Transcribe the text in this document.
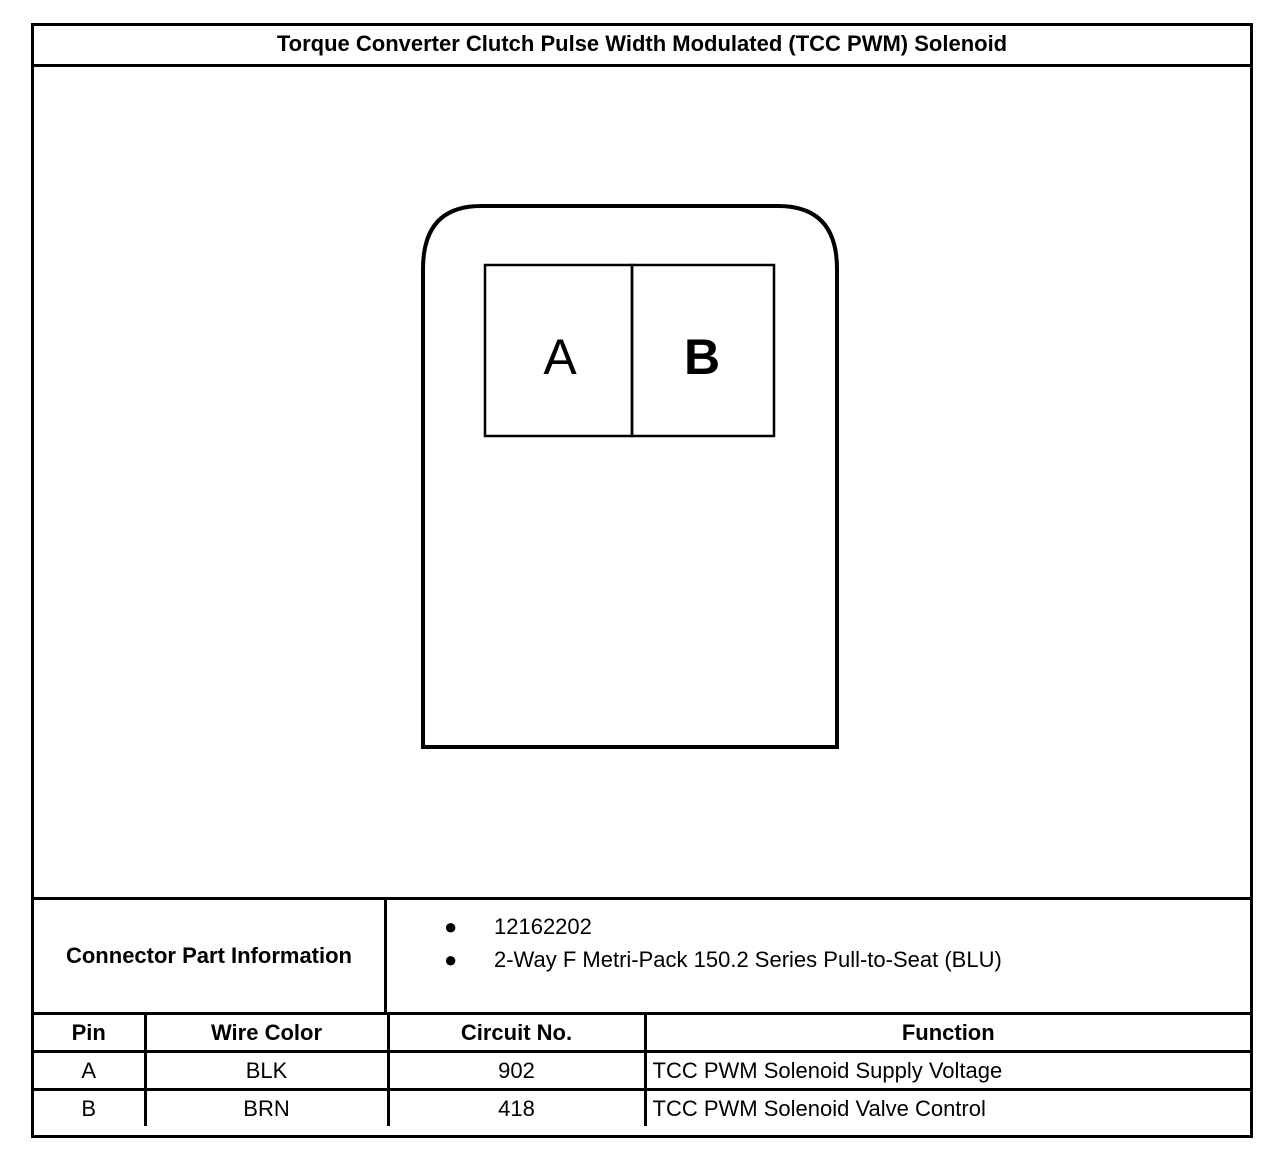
Torque Converter Clutch Pulse Width Modulated (TCC PWM) Solenoid
A B
Connector Part Information
● 12162202
● 2-Way F Metri-Pack 150.2 Series Pull-to-Seat (BLU)
Pin	Wire Color	Circuit No.	Function
A	BLK	902	TCC PWM Solenoid Supply Voltage
B	BRN	418	TCC PWM Solenoid Valve Control
